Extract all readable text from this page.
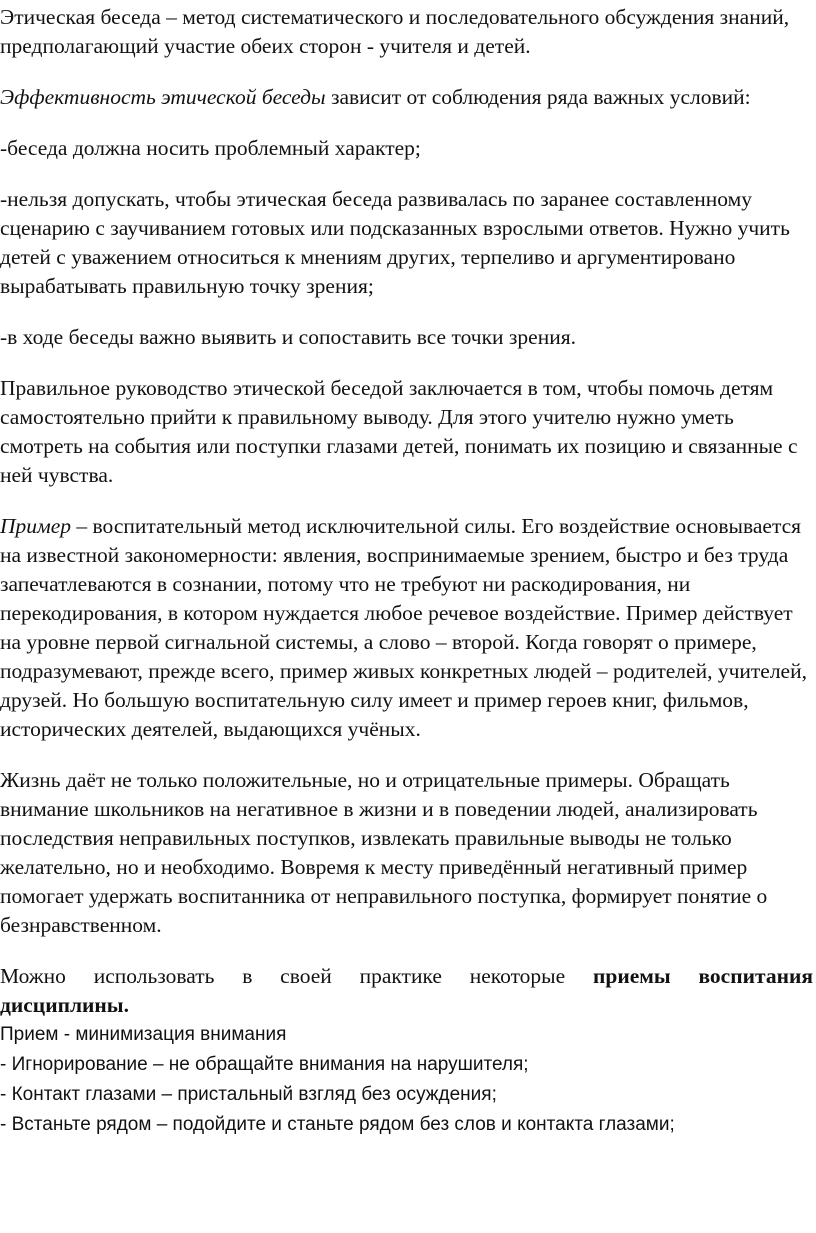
Этическая беседа – метод систематического и последовательного обсуждения знаний, предполагающий участие обеих сторон - учителя и детей.

Эффективность этической беседы зависит от соблюдения ряда важных условий:

-беседа должна носить проблемный характер;

-нельзя допускать, чтобы этическая беседа развивалась по заранее составленному сценарию с заучиванием готовых или подсказанных взрослыми ответов. Нужно учить детей с уважением относиться к мнениям других, терпеливо и аргументировано вырабатывать правильную точку зрения;

-в ходе беседы важно выявить и сопоставить все точки зрения.

Правильное руководство этической беседой заключается в том, чтобы помочь детям самостоятельно прийти к правильному выводу. Для этого учителю нужно уметь смотреть на события или поступки глазами детей, понимать их позицию и связанные с ней чувства.

Пример – воспитательный метод исключительной силы. Его воздействие основывается на известной закономерности: явления, воспринимаемые зрением, быстро и без труда запечатлеваются в сознании, потому что не требуют ни раскодирования, ни перекодирования, в котором нуждается любое речевое воздействие. Пример действует на уровне первой сигнальной системы, а слово – второй. Когда говорят о примере, подразумевают, прежде всего, пример живых конкретных людей – родителей, учителей, друзей. Но большую воспитательную силу имеет и пример героев книг, фильмов, исторических деятелей, выдающихся учёных.

Жизнь даёт не только положительные, но и отрицательные примеры. Обращать внимание школьников на негативное в жизни и в поведении людей, анализировать последствия неправильных поступков, извлекать правильные выводы не только желательно, но и необходимо. Вовремя к месту приведённый негативный пример помогает удержать воспитанника от неправильного поступка, формирует понятие о безнравственном.

Можно использовать в своей практике некоторые приемы воспитания дисциплины.

Прием - минимизация внимания

- Игнорирование – не обращайте внимания на нарушителя;

- Контакт глазами – пристальный взгляд без осуждения;

- Встаньте рядом – подойдите и станьте рядом без слов и контакта глазами;
